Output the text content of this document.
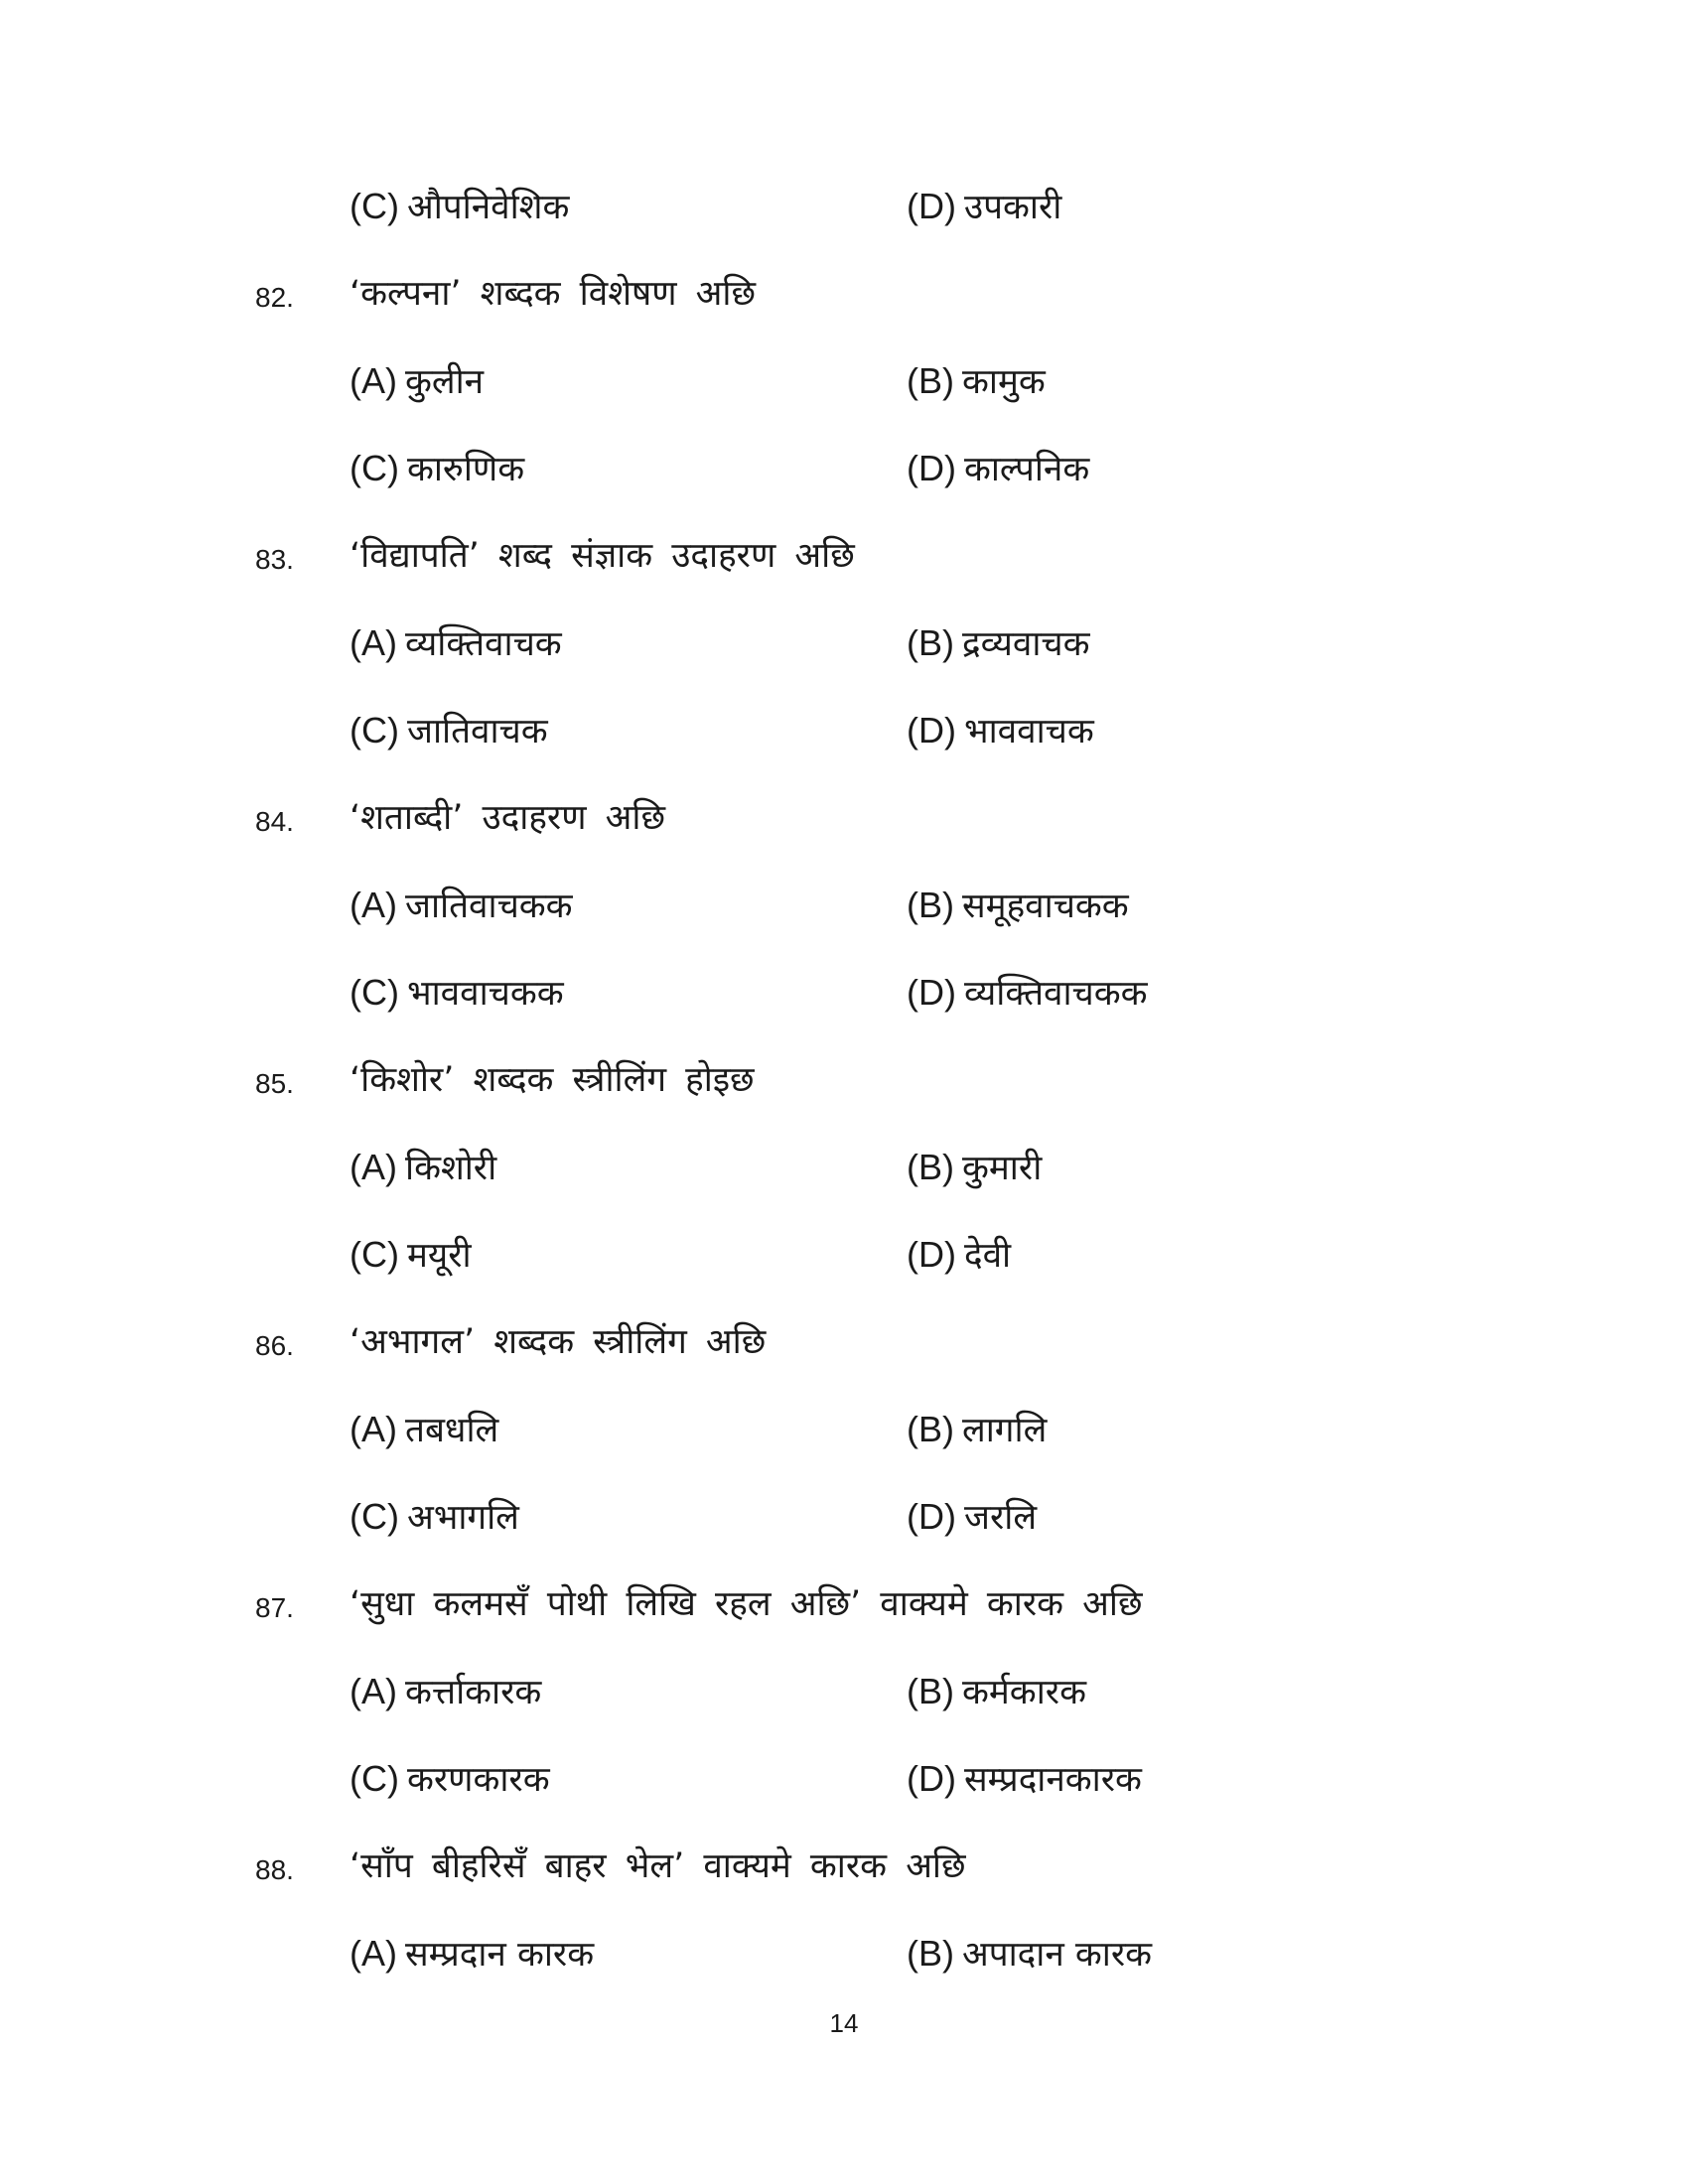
(C) औपनिवेशिक	(D) उपकारी
82. ‘कल्पना’ शब्दक विशेषण अछि
(A) कुलीन	(B) कामुक
(C) कारुणिक	(D) काल्पनिक
83. ‘विद्यापति’ शब्द संज्ञाक उदाहरण अछि
(A) व्यक्तिवाचक	(B) द्रव्यवाचक
(C) जातिवाचक	(D) भाववाचक
84. ‘शताब्दी’ उदाहरण अछि
(A) जातिवाचकक	(B) समूहवाचकक
(C) भाववाचकक	(D) व्यक्तिवाचकक
85. ‘किशोर’ शब्दक स्त्रीलिंग होइछ
(A) किशोरी	(B) कुमारी
(C) मयूरी	(D) देवी
86. ‘अभागल’ शब्दक स्त्रीलिंग अछि
(A) तबधलि	(B) लागलि
(C) अभागलि	(D) जरलि
87. ‘सुधा कलमसँ पोथी लिखि रहल अछि’ वाक्यमे कारक अछि
(A) कर्त्ताकारक	(B) कर्मकारक
(C) करणकारक	(D) सम्प्रदानकारक
88. ‘साँप बीहरिसँ बाहर भेल’ वाक्यमे कारक अछि
(A) सम्प्रदान कारक	(B) अपादान कारक
14
